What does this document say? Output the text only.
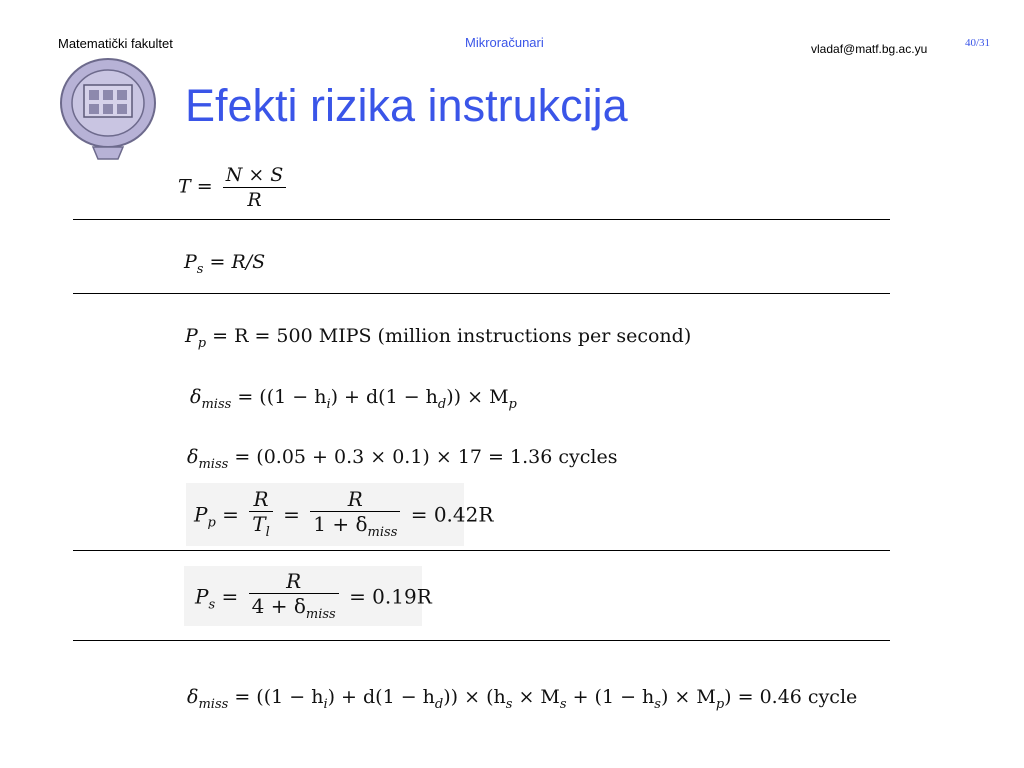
Matematički fakultet	Mikroračunari	vladaf@matf.bg.ac.yu	40/31
Efekti rizika instrukcija
$T = \frac{N \times S}{R}$
$P_s = R/S$
$P_p = R = 500$ MIPS (million instructions per second)
$\delta_{miss} = ((1 - h_i) + d(1 - h_d)) \times M_p$
$\delta_{miss} = (0.05 + 0.3 \times 0.1) \times 17 = 1.36$ cycles
$P_p = \frac{R}{T_l} = \frac{R}{1 + \delta_{miss}} = 0.42R$
$P_s = \frac{R}{4 + \delta_{miss}} = 0.19R$
$\delta_{miss} = ((1 - h_i) + d(1 - h_d)) \times (h_s \times M_s + (1 - h_s) \times M_p) = 0.46$ cycle
